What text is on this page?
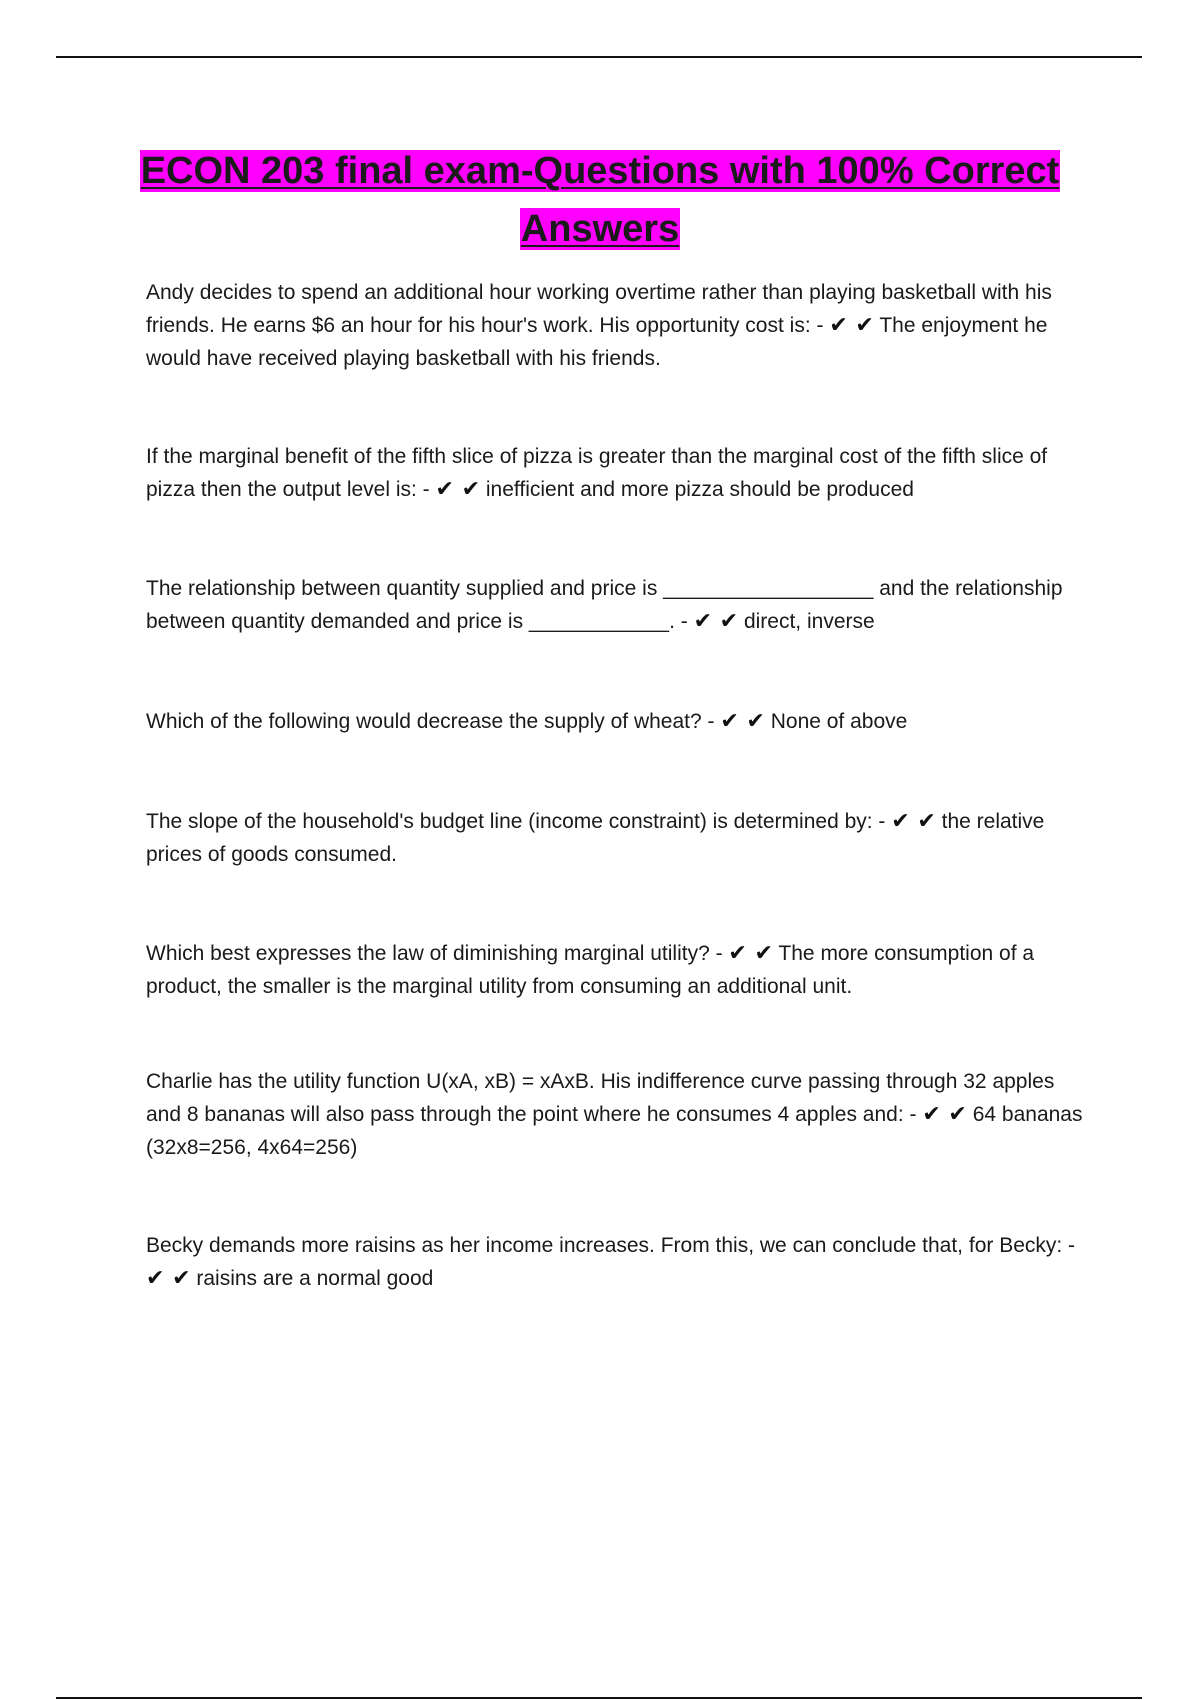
ECON 203 final exam-Questions with 100% Correct Answers
Andy decides to spend an additional hour working overtime rather than playing basketball with his friends. He earns $6 an hour for his hour's work. His opportunity cost is: - ✔ ✔ The enjoyment he would have received playing basketball with his friends.
If the marginal benefit of the fifth slice of pizza is greater than the marginal cost of the fifth slice of pizza then the output level is: - ✔ ✔ inefficient and more pizza should be produced
The relationship between quantity supplied and price is __________________ and the relationship between quantity demanded and price is ____________. - ✔ ✔ direct, inverse
Which of the following would decrease the supply of wheat? - ✔ ✔ None of above
The slope of the household's budget line (income constraint) is determined by: - ✔ ✔ the relative prices of goods consumed.
Which best expresses the law of diminishing marginal utility? - ✔ ✔ The more consumption of a product, the smaller is the marginal utility from consuming an additional unit.
Charlie has the utility function U(xA, xB) = xAxB. His indifference curve passing through 32 apples and 8 bananas will also pass through the point where he consumes 4 apples and: - ✔ ✔ 64 bananas (32x8=256, 4x64=256)
Becky demands more raisins as her income increases. From this, we can conclude that, for Becky: - ✔ ✔ raisins are a normal good
